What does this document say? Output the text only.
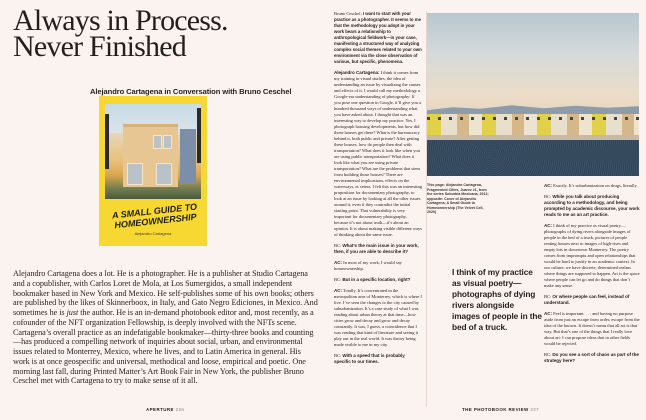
Always in Process.
Never Finished
Alejandro Cartagena in Conversation with Bruno Ceschel
A SMALL GUIDE TO HOMEOWNERSHIP
Alejandro Cartagena

Alejandro Cartagena does a lot. He is a photographer. He is a publisher at Studio Cartagena and a copublisher, with Carlos Loret de Mola, at Los Sumergidos, a small independent bookmaker based in New York and Mexico. He self-publishes some of his own books; others are published by the likes of Skinnerboox, in Italy, and Gato Negro Ediciones, in Mexico. And sometimes he is just the author. He is an in-demand photobook editor and, most recently, as a cofounder of the NFT organization Fellowship, is deeply involved with the NFTs scene. Cartagena’s overall practice as an indefatigable bookmaker—thirty-three books and counting—has produced a compelling network of inquiries about social, urban, and environmental issues related to Monterrey, Mexico, where he lives, and to Latin America in general. His work is at once geospecific and universal, methodical and loose, empirical and poetic. One morning last fall, during Printed Matter’s Art Book Fair in New York, the publisher Bruno Ceschel met with Cartagena to try to make sense of it all.

APERTURE 226

Bruno Ceschel: I want to start with your practice as a photographer. It seems to me that the methodology you adopt in your work bears a relationship to anthropological fieldwork—in your case, manifesting a structured way of analyzing complex social themes related to your own environment via the close observation of various, but specific, phenomena.

Alejandro Cartagena: I think it comes from my training in visual studies, the idea of understanding an issue by visualizing the causes and effects of it. I would call my methodology a Google-era understanding of photography: If you pose one question in Google, it’ll give you a hundred thousand ways of understanding what you have asked about. I thought that was an interesting way to develop my practice. Yes, I photograph housing developments, but how did those houses get there? What is the bureaucracy behind it, both public and private? After getting these houses, how do people then deal with transportation? What does it look like when you are using public transportation? What does it look like what you are using private transportation? What are the problems that stem from building those houses? There are environmental implications, effects on the waterways, et cetera. I felt this was an interesting proposition for documentary photography, to look at an issue by looking at all the other issues around it, even if they contradict the initial starting point. That vulnerability is very important for documentary photography, because it’s not about truth—it’s about an opinion. It is about making visible different ways of thinking about the same issue.

BC: What’s the main issue in your work, then, if you are able to describe it?

AC: In most of my work, I would say homeownership.

BC: But in a specific location, right?

AC: Totally. It’s concentrated in the metropolitan area of Monterrey, which is where I live. I’ve seen the changes to the city caused by suburbanization. It’s a case study of what I was reading about urban theory at that time—how cities grow and decay and grow and decay constantly. It was, I guess, a coincidence that I was reading that kind of literature and seeing it play out in the real world. It was theory being made visible to me in my city.

BC: With a speed that is probably specific to our times.

This page: Alejandro Cartagena, Fragmented Cities, Juarez #1, from the series Suburbia Mexicana, 2012; opposite: Cover of Alejandro Cartagena, A Small Guide to Homeownership (The Velvet Cell, 2020)
I think of my practice as visual poetry—photographs of dying rivers alongside images of people in the bed of a truck.

AC: Exactly. It’s suburbanization on drugs, literally.

BC: While you talk about producing according to a methodology, and being prompted by academic discourse, your work reads to me as an art practice.

AC: I think of my practice as visual poetry—photographs of dying rivers alongside images of people in the bed of a truck; pictures of people renting houses next to images of high-rises and empty lots in downtown Monterrey. The poetry comes from impromptu and open relationships that would be hard to justify in an academic context. In our culture, we have discrete, determined realms where things are supposed to happen. Art is the space where people can let go and do things that don’t make any sense.

BC: Or where people can feel, instead of understand.

AC: Feel is important. . . . and having no purpose aside from just an escape from order, escape from the idea of the known. It doesn’t mean that all art is that way. But that’s one of the things that I really love about art: I can propose ideas that in other fields would be rejected.

BC: Do you see a sort of chaos as part of the strategy here?

THE PHOTOBOOK REVIEW 227
